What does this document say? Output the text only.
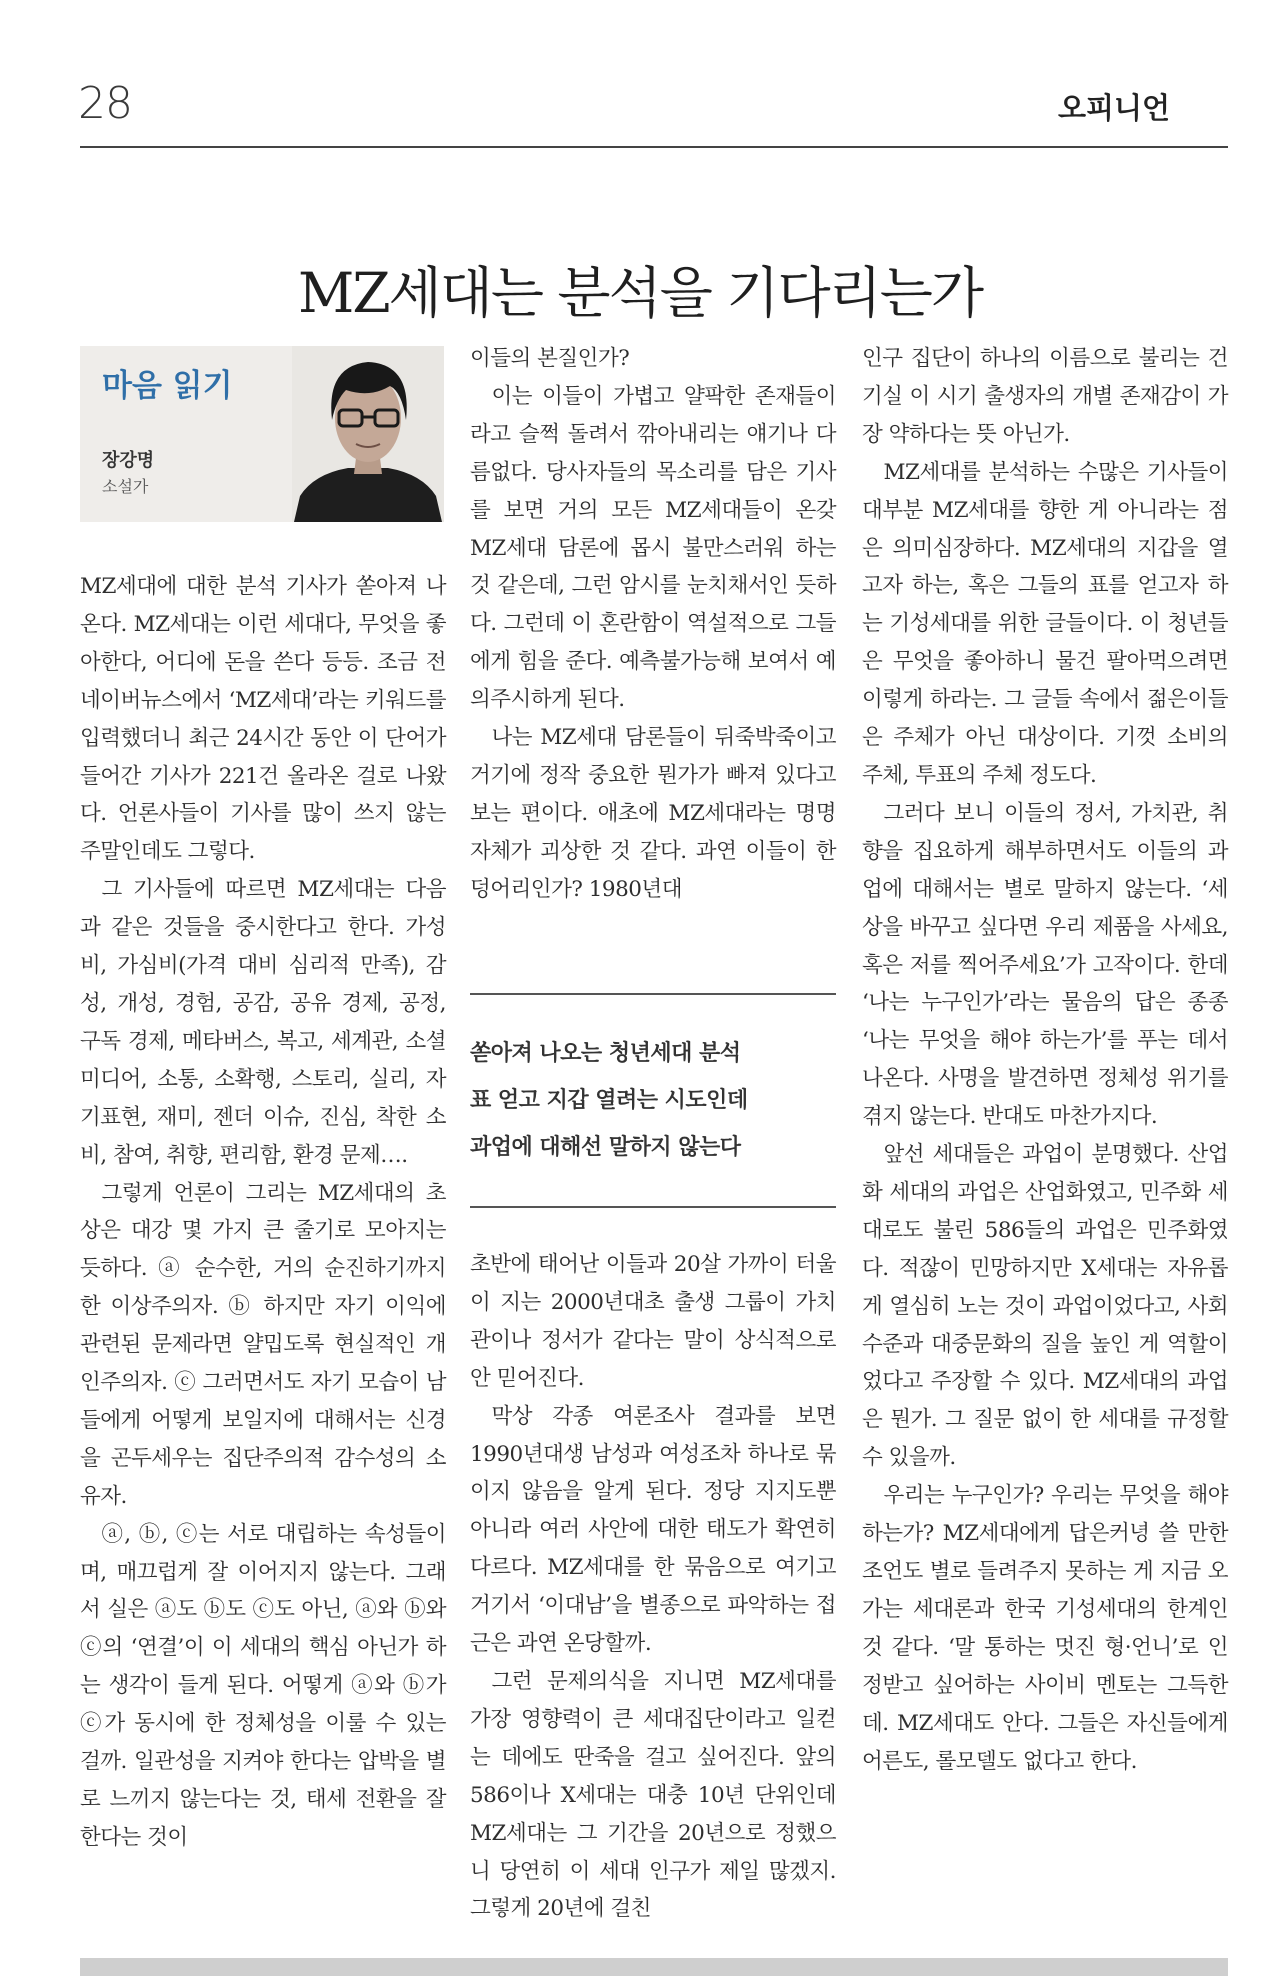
28	오피니언
MZ세대는 분석을 기다리는가
마음 읽기
장강명
소설가

MZ세대에 대한 분석 기사가 쏟아져 나온다. MZ세대는 이런 세대다, 무엇을 좋아한다, 어디에 돈을 쓴다 등등. 조금 전 네이버뉴스에서 ‘MZ세대’라는 키워드를 입력했더니 최근 24시간 동안 이 단어가 들어간 기사가 221건 올라온 걸로 나왔다. 언론사들이 기사를 많이 쓰지 않는 주말인데도 그렇다.

그 기사들에 따르면 MZ세대는 다음과 같은 것들을 중시한다고 한다. 가성비, 가심비(가격 대비 심리적 만족), 감성, 개성, 경험, 공감, 공유 경제, 공정, 구독 경제, 메타버스, 복고, 세계관, 소셜 미디어, 소통, 소확행, 스토리, 실리, 자기표현, 재미, 젠더 이슈, 진심, 착한 소비, 참여, 취향, 편리함, 환경 문제….

그렇게 언론이 그리는 MZ세대의 초상은 대강 몇 가지 큰 줄기로 모아지는 듯하다. ⓐ 순수한, 거의 순진하기까지 한 이상주의자. ⓑ 하지만 자기 이익에 관련된 문제라면 얄밉도록 현실적인 개인주의자. ⓒ 그러면서도 자기 모습이 남들에게 어떻게 보일지에 대해서는 신경을 곤두세우는 집단주의적 감수성의 소유자.

ⓐ, ⓑ, ⓒ는 서로 대립하는 속성들이며, 매끄럽게 잘 이어지지 않는다. 그래서 실은 ⓐ도 ⓑ도 ⓒ도 아닌, ⓐ와 ⓑ와 ⓒ의 ‘연결’이 이 세대의 핵심 아닌가 하는 생각이 들게 된다. 어떻게 ⓐ와 ⓑ가 ⓒ가 동시에 한 정체성을 이룰 수 있는 걸까. 일관성을 지켜야 한다는 압박을 별로 느끼지 않는다는 것, 태세 전환을 잘한다는 것이

이들의 본질인가?

이는 이들이 가볍고 얄팍한 존재들이라고 슬쩍 돌려서 깎아내리는 얘기나 다름없다. 당사자들의 목소리를 담은 기사를 보면 거의 모든 MZ세대들이 온갖 MZ세대 담론에 몹시 불만스러워 하는 것 같은데, 그런 암시를 눈치채서인 듯하다. 그런데 이 혼란함이 역설적으로 그들에게 힘을 준다. 예측불가능해 보여서 예의주시하게 된다.

나는 MZ세대 담론들이 뒤죽박죽이고 거기에 정작 중요한 뭔가가 빠져 있다고 보는 편이다. 애초에 MZ세대라는 명명 자체가 괴상한 것 같다. 과연 이들이 한 덩어리인가? 1980년대

쏟아져 나오는 청년세대 분석
표 얻고 지갑 열려는 시도인데
과업에 대해선 말하지 않는다

초반에 태어난 이들과 20살 가까이 터울이 지는 2000년대초 출생 그룹이 가치관이나 정서가 같다는 말이 상식적으로 안 믿어진다.

막상 각종 여론조사 결과를 보면 1990년대생 남성과 여성조차 하나로 묶이지 않음을 알게 된다. 정당 지지도뿐 아니라 여러 사안에 대한 태도가 확연히 다르다. MZ세대를 한 묶음으로 여기고 거기서 ‘이대남’을 별종으로 파악하는 접근은 과연 온당할까.

그런 문제의식을 지니면 MZ세대를 가장 영향력이 큰 세대집단이라고 일컫는 데에도 딴죽을 걸고 싶어진다. 앞의 586이나 X세대는 대충 10년 단위인데 MZ세대는 그 기간을 20년으로 정했으니 당연히 이 세대 인구가 제일 많겠지. 그렇게 20년에 걸친

인구 집단이 하나의 이름으로 불리는 건 기실 이 시기 출생자의 개별 존재감이 가장 약하다는 뜻 아닌가.

MZ세대를 분석하는 수많은 기사들이 대부분 MZ세대를 향한 게 아니라는 점은 의미심장하다. MZ세대의 지갑을 열고자 하는, 혹은 그들의 표를 얻고자 하는 기성세대를 위한 글들이다. 이 청년들은 무엇을 좋아하니 물건 팔아먹으려면 이렇게 하라는. 그 글들 속에서 젊은이들은 주체가 아닌 대상이다. 기껏 소비의 주체, 투표의 주체 정도다.

그러다 보니 이들의 정서, 가치관, 취향을 집요하게 해부하면서도 이들의 과업에 대해서는 별로 말하지 않는다. ‘세상을 바꾸고 싶다면 우리 제품을 사세요, 혹은 저를 찍어주세요’가 고작이다. 한데 ‘나는 누구인가’라는 물음의 답은 종종 ‘나는 무엇을 해야 하는가’를 푸는 데서 나온다. 사명을 발견하면 정체성 위기를 겪지 않는다. 반대도 마찬가지다.

앞선 세대들은 과업이 분명했다. 산업화 세대의 과업은 산업화였고, 민주화 세대로도 불린 586들의 과업은 민주화였다. 적잖이 민망하지만 X세대는 자유롭게 열심히 노는 것이 과업이었다고, 사회 수준과 대중문화의 질을 높인 게 역할이었다고 주장할 수 있다. MZ세대의 과업은 뭔가. 그 질문 없이 한 세대를 규정할 수 있을까.

우리는 누구인가? 우리는 무엇을 해야 하는가? MZ세대에게 답은커녕 쓸 만한 조언도 별로 들려주지 못하는 게 지금 오가는 세대론과 한국 기성세대의 한계인 것 같다. ‘말 통하는 멋진 형·언니’로 인정받고 싶어하는 사이비 멘토는 그득한데. MZ세대도 안다. 그들은 자신들에게 어른도, 롤모델도 없다고 한다.
